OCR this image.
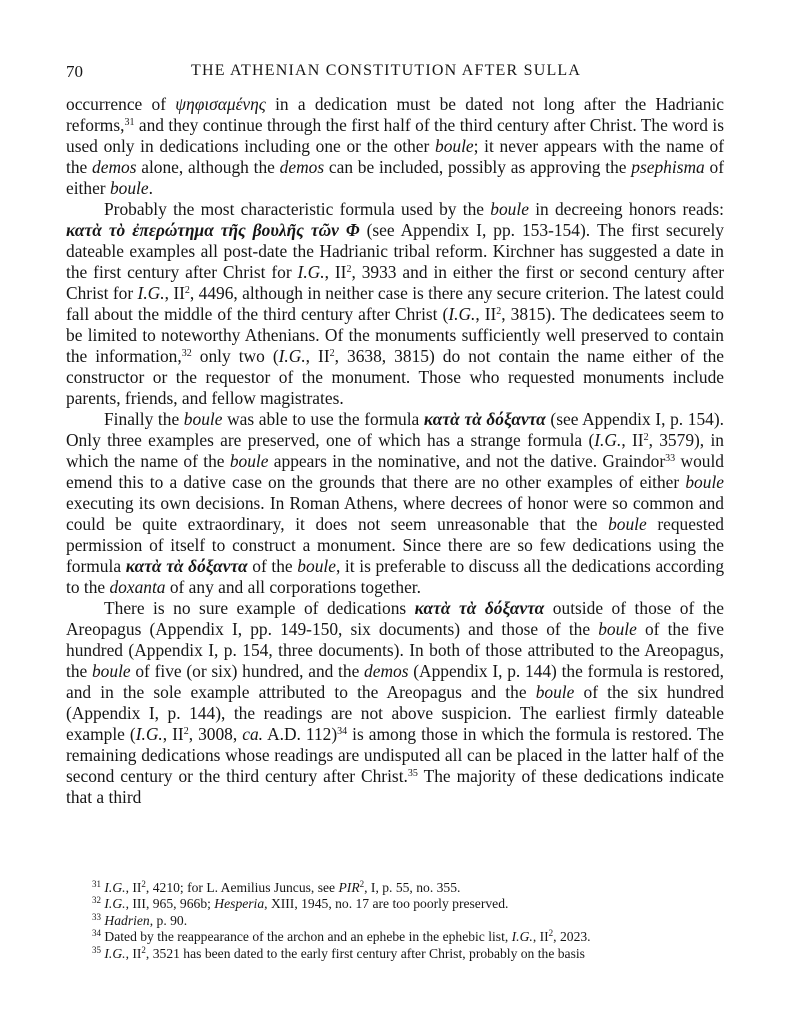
70	THE ATHENIAN CONSTITUTION AFTER SULLA

occurrence of ψηφισαμένης in a dedication must be dated not long after the Hadrianic reforms,$^{31}$ and they continue through the first half of the third century after Christ. The word is used only in dedications including one or the other boule; it never appears with the name of the demos alone, although the demos can be included, possibly as approving the psephisma of either boule.

Probably the most characteristic formula used by the boule in decreeing honors reads: κατὰ τὸ ἐπερώτημα τῆς βουλῆς τῶν Φ (see Appendix I, pp. 153-154). The first securely dateable examples all post-date the Hadrianic tribal reform. Kirchner has suggested a date in the first century after Christ for I.G., $II^2$, 3933 and in either the first or second century after Christ for I.G., $II^2$, 4496, although in neither case is there any secure criterion. The latest could fall about the middle of the third century after Christ (I.G., $II^2$, 3815). The dedicatees seem to be limited to noteworthy Athenians. Of the monuments sufficiently well preserved to contain the information,$^{32}$ only two (I.G., $II^2$, 3638, 3815) do not contain the name either of the constructor or the requestor of the monument. Those who requested monuments include parents, friends, and fellow magistrates.

Finally the boule was able to use the formula κατὰ τὰ δόξαντα (see Appendix I, p. 154). Only three examples are preserved, one of which has a strange formula (I.G., $II^2$, 3579), in which the name of the boule appears in the nominative, and not the dative. Graindor$^{33}$ would emend this to a dative case on the grounds that there are no other examples of either boule executing its own decisions. In Roman Athens, where decrees of honor were so common and could be quite extraordinary, it does not seem unreasonable that the boule requested permission of itself to construct a monument. Since there are so few dedications using the formula κατὰ τὰ δόξαντα of the boule, it is preferable to discuss all the dedications according to the doxanta of any and all corporations together.

There is no sure example of dedications κατὰ τὰ δόξαντα outside of those of the Areopagus (Appendix I, pp. 149-150, six documents) and those of the boule of the five hundred (Appendix I, p. 154, three documents). In both of those attributed to the Areopagus, the boule of five (or six) hundred, and the demos (Appendix I, p. 144) the formula is restored, and in the sole example attributed to the Areopagus and the boule of the six hundred (Appendix I, p. 144), the readings are not above suspicion. The earliest firmly dateable example (I.G., $II^2$, 3008, ca. A.D. 112)$^{34}$ is among those in which the formula is restored. The remaining dedications whose readings are undisputed all can be placed in the latter half of the second century or the third century after Christ.$^{35}$ The majority of these dedications indicate that a third

$^{31}$ I.G., $II^2$, 4210; for L. Aemilius Juncus, see PIR$^2$, I, p. 55, no. 355.
$^{32}$ I.G., III, 965, 966b; Hesperia, XIII, 1945, no. 17 are too poorly preserved.
$^{33}$ Hadrien, p. 90.
$^{34}$ Dated by the reappearance of the archon and an ephebe in the ephebic list, I.G., $II^2$, 2023.
$^{35}$ I.G., $II^2$, 3521 has been dated to the early first century after Christ, probably on the basis
